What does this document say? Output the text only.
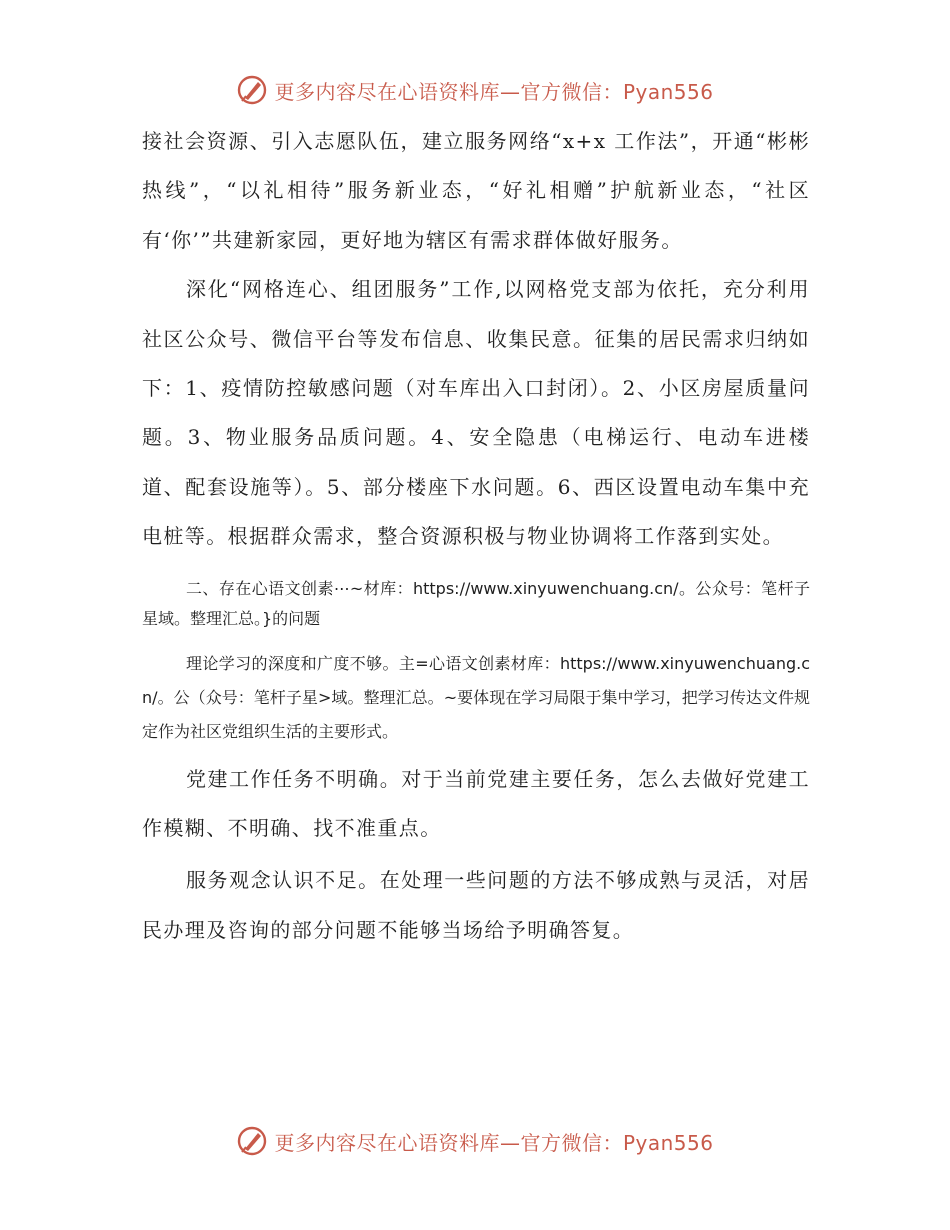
更多内容尽在心语资料库—官方微信：Pyan556

接社会资源、引入志愿队伍，建立服务网络“x+x 工作法”，开通“彬彬热线”，“以礼相待”服务新业态，“好礼相赠”护航新业态，“社区有‘你’”共建新家园，更好地为辖区有需求群体做好服务。

深化“网格连心、组团服务”工作,以网格党支部为依托，充分利用社区公众号、微信平台等发布信息、收集民意。征集的居民需求归纳如下：1、疫情防控敏感问题（对车库出入口封闭）。2、小区房屋质量问题。3、物业服务品质问题。4、安全隐患（电梯运行、电动车进楼道、配套设施等）。5、部分楼座下水问题。6、西区设置电动车集中充电桩等。根据群众需求，整合资源积极与物业协调将工作落到实处。

二、存在心语文创素⋯~材库：https://www.xinyuwenchuang.cn/。公众号：笔杆子星域。整理汇总。}的问题

理论学习的深度和广度不够。主=心语文创素材库：https://www.xinyuwenchuang.cn/。公（众号：笔杆子星>域。整理汇总。~要体现在学习局限于集中学习，把学习传达文件规定作为社区党组织生活的主要形式。

党建工作任务不明确。对于当前党建主要任务，怎么去做好党建工作模糊、不明确、找不准重点。

服务观念认识不足。在处理一些问题的方法不够成熟与灵活，对居民办理及咨询的部分问题不能够当场给予明确答复。

更多内容尽在心语资料库—官方微信：Pyan556
